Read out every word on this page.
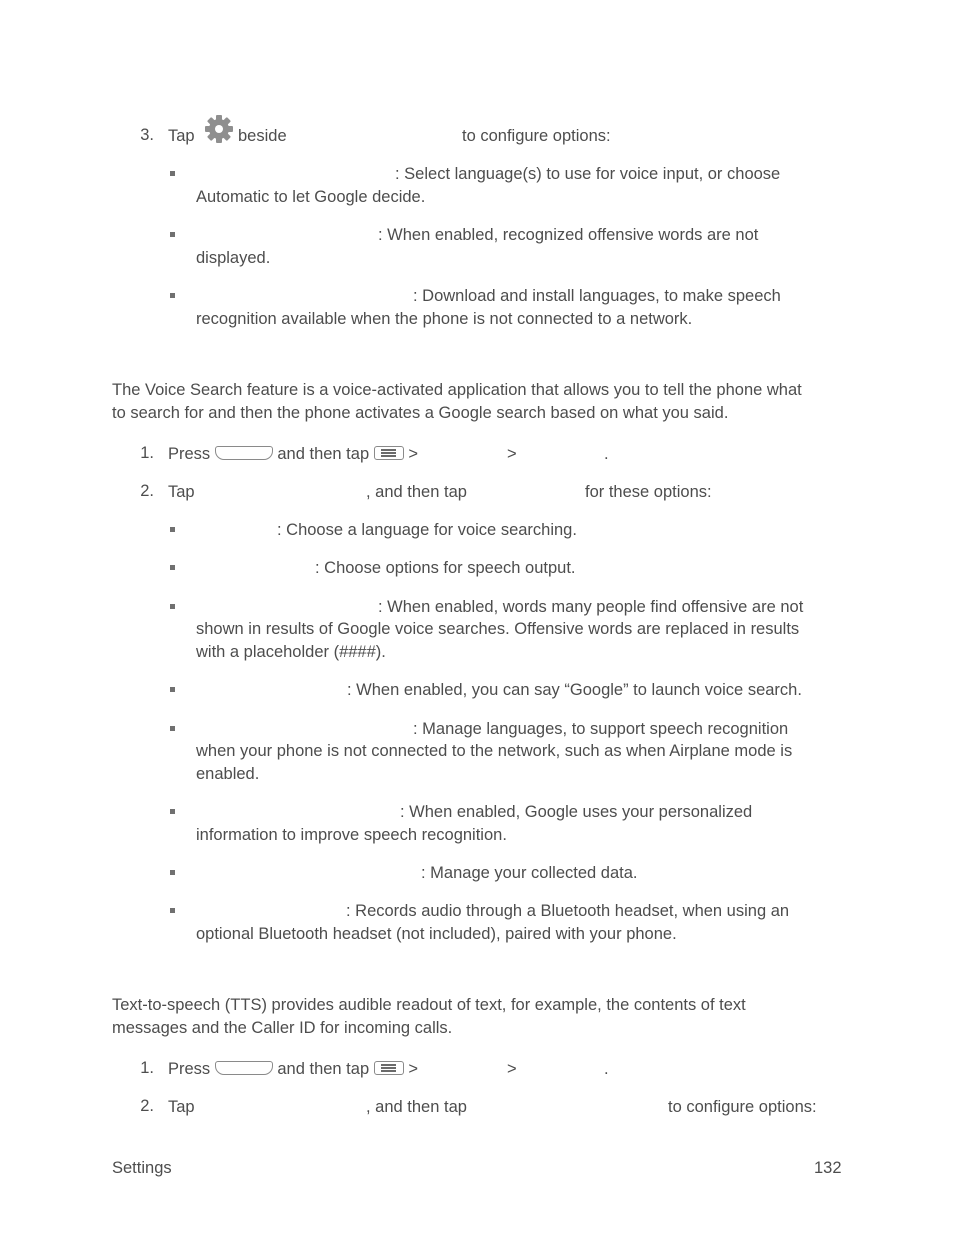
3. Tap	beside	to configure options:
: Select language(s) to use for voice input, or choose
Automatic to let Google decide.
: When enabled, recognized offensive words are not
displayed.
: Download and install languages, to make speech
recognition available when the phone is not connected to a network.
The Voice Search feature is a voice-activated application that allows you to tell the phone what
to search for and then the phone activates a Google search based on what you said.
1. Press	and then tap >	>	.
2. Tap	, and then tap	for these options:
: Choose a language for voice searching.
: Choose options for speech output.
: When enabled, words many people find offensive are not
shown in results of Google voice searches. Offensive words are replaced in results
with a placeholder (####).
: When enabled, you can say “Google” to launch voice search.
: Manage languages, to support speech recognition
when your phone is not connected to the network, such as when Airplane mode is
enabled.
: When enabled, Google uses your personalized
information to improve speech recognition.
: Manage your collected data.
: Records audio through a Bluetooth headset, when using an
optional Bluetooth headset (not included), paired with your phone.
Text-to-speech (TTS) provides audible readout of text, for example, the contents of text
messages and the Caller ID for incoming calls.
1. Press	and then tap >	>	.
2. Tap	, and then tap	to configure options:
Settings	132
